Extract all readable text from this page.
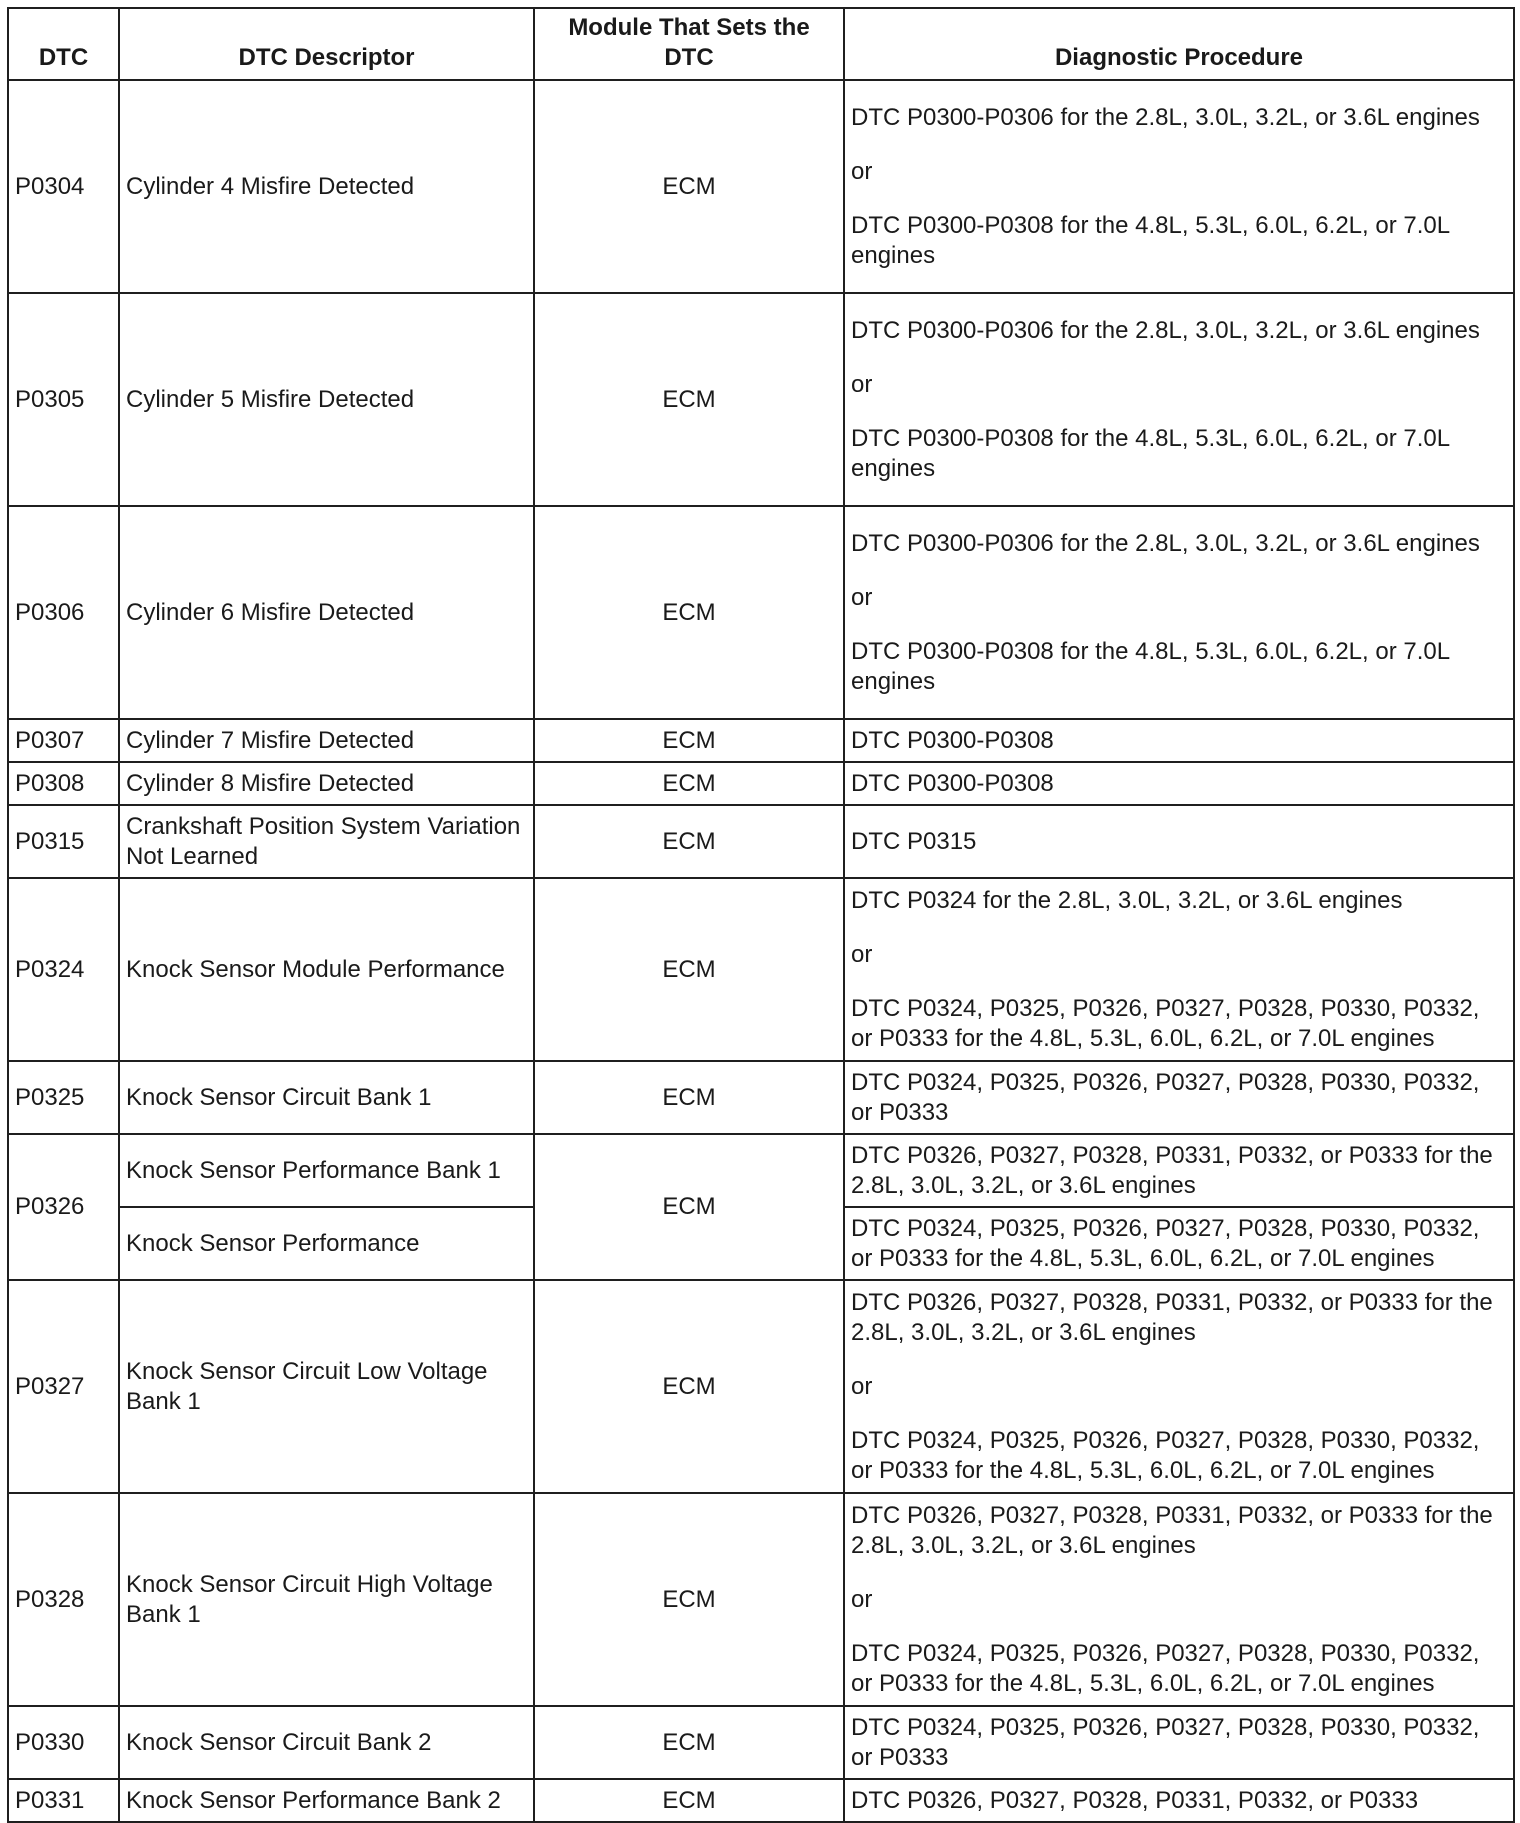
DTC	DTC Descriptor	Module That Sets the DTC	Diagnostic Procedure
P0304	Cylinder 4 Misfire Detected	ECM	DTC P0300-P0306 for the 2.8L, 3.0L, 3.2L, or 3.6L engines
or
DTC P0300-P0308 for the 4.8L, 5.3L, 6.0L, 6.2L, or 7.0L engines

P0305	Cylinder 5 Misfire Detected	ECM	DTC P0300-P0306 for the 2.8L, 3.0L, 3.2L, or 3.6L engines
or
DTC P0300-P0308 for the 4.8L, 5.3L, 6.0L, 6.2L, or 7.0L engines

P0306	Cylinder 6 Misfire Detected	ECM	DTC P0300-P0306 for the 2.8L, 3.0L, 3.2L, or 3.6L engines
or
DTC P0300-P0308 for the 4.8L, 5.3L, 6.0L, 6.2L, or 7.0L engines

P0307	Cylinder 7 Misfire Detected	ECM	DTC P0300-P0308

P0308	Cylinder 8 Misfire Detected	ECM	DTC P0300-P0308

P0315	Crankshaft Position System Variation Not Learned	ECM	DTC P0315

P0324	Knock Sensor Module Performance	ECM	DTC P0324 for the 2.8L, 3.0L, 3.2L, or 3.6L engines
or
DTC P0324, P0325, P0326, P0327, P0328, P0330, P0332, or P0333 for the 4.8L, 5.3L, 6.0L, 6.2L, or 7.0L engines

P0325	Knock Sensor Circuit Bank 1	ECM	DTC P0324, P0325, P0326, P0327, P0328, P0330, P0332, or P0333

P0326	Knock Sensor Performance Bank 1	ECM	DTC P0326, P0327, P0328, P0331, P0332, or P0333 for the 2.8L, 3.0L, 3.2L, or 3.6L engines

	Knock Sensor Performance		DTC P0324, P0325, P0326, P0327, P0328, P0330, P0332, or P0333 for the 4.8L, 5.3L, 6.0L, 6.2L, or 7.0L engines

P0327	Knock Sensor Circuit Low Voltage Bank 1	ECM	DTC P0326, P0327, P0328, P0331, P0332, or P0333 for the 2.8L, 3.0L, 3.2L, or 3.6L engines
or
DTC P0324, P0325, P0326, P0327, P0328, P0330, P0332, or P0333 for the 4.8L, 5.3L, 6.0L, 6.2L, or 7.0L engines

P0328	Knock Sensor Circuit High Voltage Bank 1	ECM	DTC P0326, P0327, P0328, P0331, P0332, or P0333 for the 2.8L, 3.0L, 3.2L, or 3.6L engines
or
DTC P0324, P0325, P0326, P0327, P0328, P0330, P0332, or P0333 for the 4.8L, 5.3L, 6.0L, 6.2L, or 7.0L engines

P0330	Knock Sensor Circuit Bank 2	ECM	DTC P0324, P0325, P0326, P0327, P0328, P0330, P0332, or P0333

P0331	Knock Sensor Performance Bank 2	ECM	DTC P0326, P0327, P0328, P0331, P0332, or P0333
